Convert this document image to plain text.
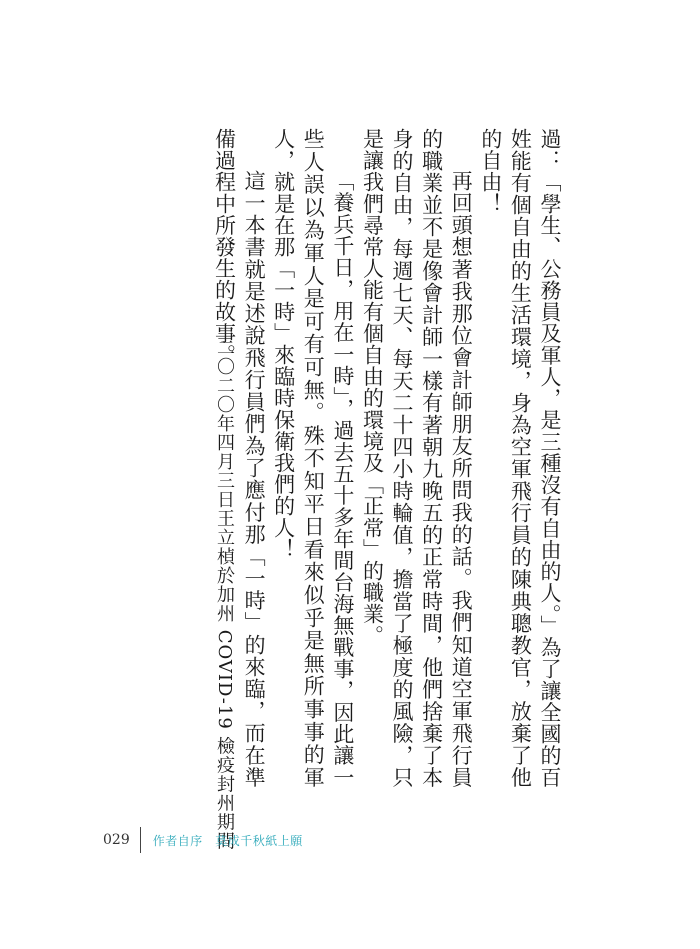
過：「學生、公務員及軍人，是三種沒有自由的人。」為了讓全國的百姓能有個自由的生活環境，身為空軍飛行員的陳典聰教官，放棄了他的自由！

再回頭想著我那位會計師朋友所問我的話。我們知道空軍飛行員的職業並不是像會計師一樣有著朝九晚五的正常時間，他們捨棄了本身的自由，每週七天、每天二十四小時輪值，擔當了極度的風險，只是讓我們尋常人能有個自由的環境及「正常」的職業。

「養兵千日，用在一時」，過去五十多年間台海無戰事，因此讓一些人誤以為軍人是可有可無。殊不知平日看來似乎是無所事事的軍人，就是在那「一時」來臨時保衛我們的人！

這一本書就是述說飛行員們為了應付那「一時」的來臨，而在準備過程中所發生的故事。

二〇二〇年四月三日王立楨於加州 COVID-19 檢疫封州期間
029 作者自序　莫成千秋紙上願
